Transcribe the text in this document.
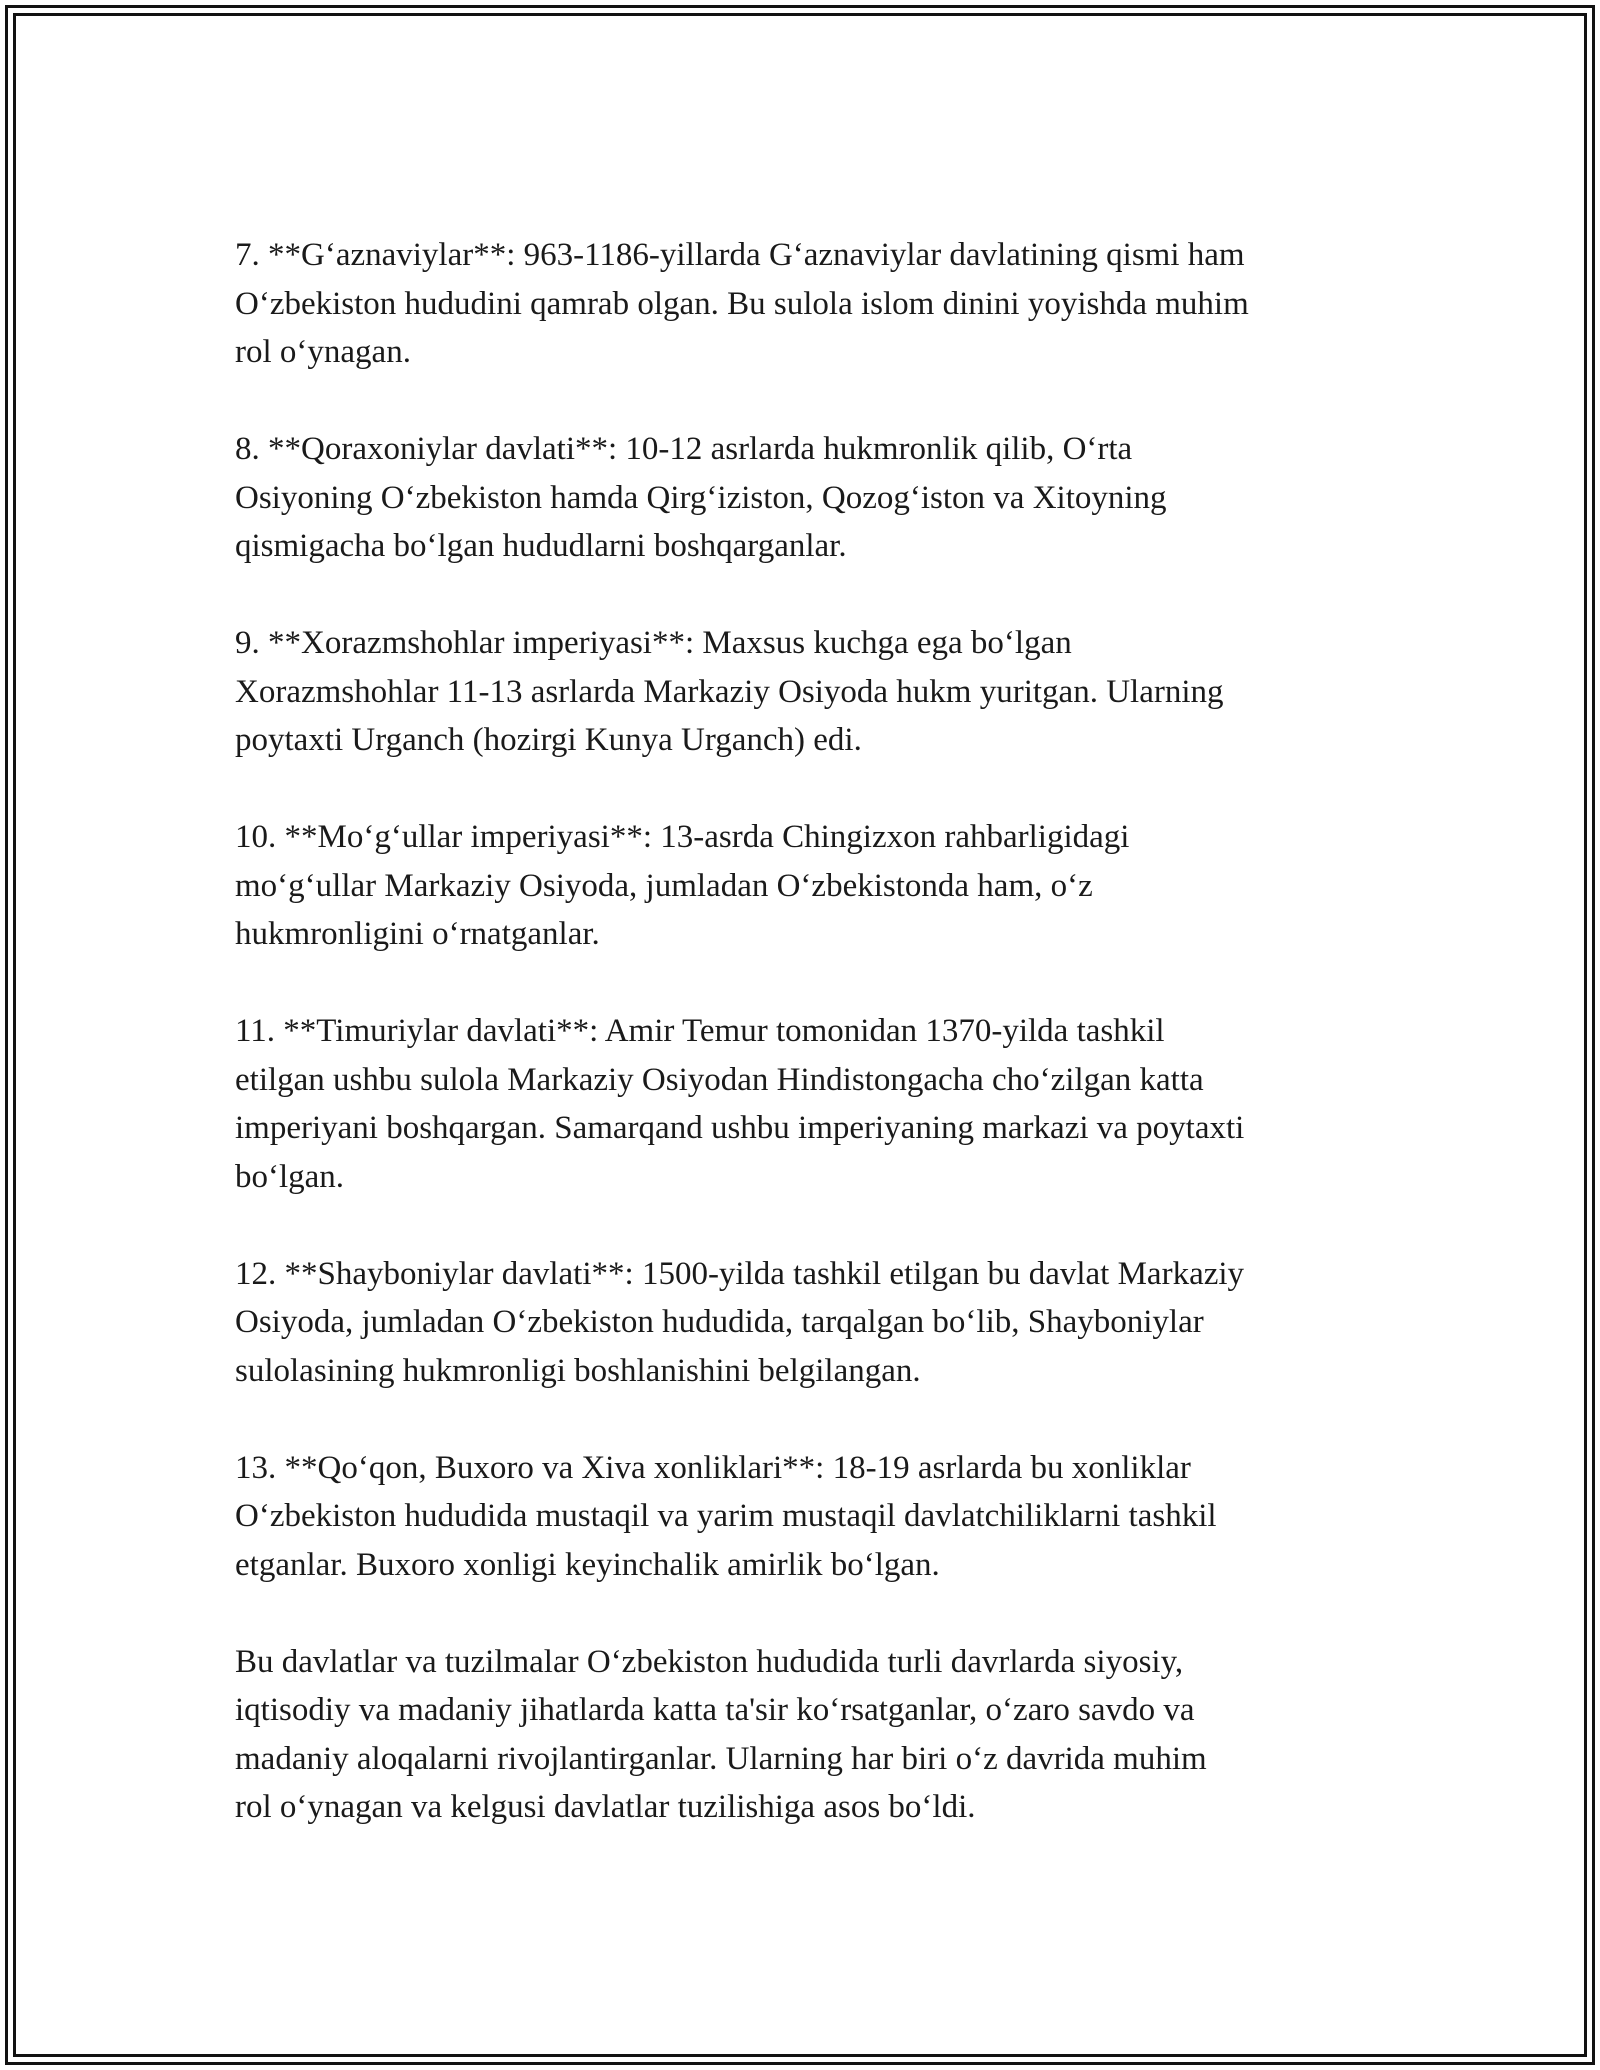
7. **Gʻaznaviylar**: 963-1186-yillarda Gʻaznaviylar davlatining qismi ham
Oʻzbekiston hududini qamrab olgan. Bu sulola islom dinini yoyishda muhim
rol oʻynagan.

8. **Qoraxoniylar davlati**: 10-12 asrlarda hukmronlik qilib, Oʻrta
Osiyoning Oʻzbekiston hamda Qirgʻiziston, Qozogʻiston va Xitoyning
qismigacha boʻlgan hududlarni boshqarganlar.

9. **Xorazmshohlar imperiyasi**: Maxsus kuchga ega boʻlgan
Xorazmshohlar 11-13 asrlarda Markaziy Osiyoda hukm yuritgan. Ularning
poytaxti Urganch (hozirgi Kunya Urganch) edi.

10. **Moʻgʻullar imperiyasi**: 13-asrda Chingizxon rahbarligidagi
moʻgʻullar Markaziy Osiyoda, jumladan Oʻzbekistonda ham, oʻz
hukmronligini oʻrnatganlar.

11. **Timuriylar davlati**: Amir Temur tomonidan 1370-yilda tashkil
etilgan ushbu sulola Markaziy Osiyodan Hindistongacha choʻzilgan katta
imperiyani boshqargan. Samarqand ushbu imperiyaning markazi va poytaxti
boʻlgan.

12. **Shayboniylar davlati**: 1500-yilda tashkil etilgan bu davlat Markaziy
Osiyoda, jumladan Oʻzbekiston hududida, tarqalgan boʻlib, Shayboniylar
sulolasining hukmronligi boshlanishini belgilangan.

13. **Qoʻqon, Buxoro va Xiva xonliklari**: 18-19 asrlarda bu xonliklar
Oʻzbekiston hududida mustaqil va yarim mustaqil davlatchiliklarni tashkil
etganlar. Buxoro xonligi keyinchalik amirlik boʻlgan.

Bu davlatlar va tuzilmalar Oʻzbekiston hududida turli davrlarda siyosiy,
iqtisodiy va madaniy jihatlarda katta ta'sir koʻrsatganlar, oʻzaro savdo va
madaniy aloqalarni rivojlantirganlar. Ularning har biri oʻz davrida muhim
rol oʻynagan va kelgusi davlatlar tuzilishiga asos boʻldi.
